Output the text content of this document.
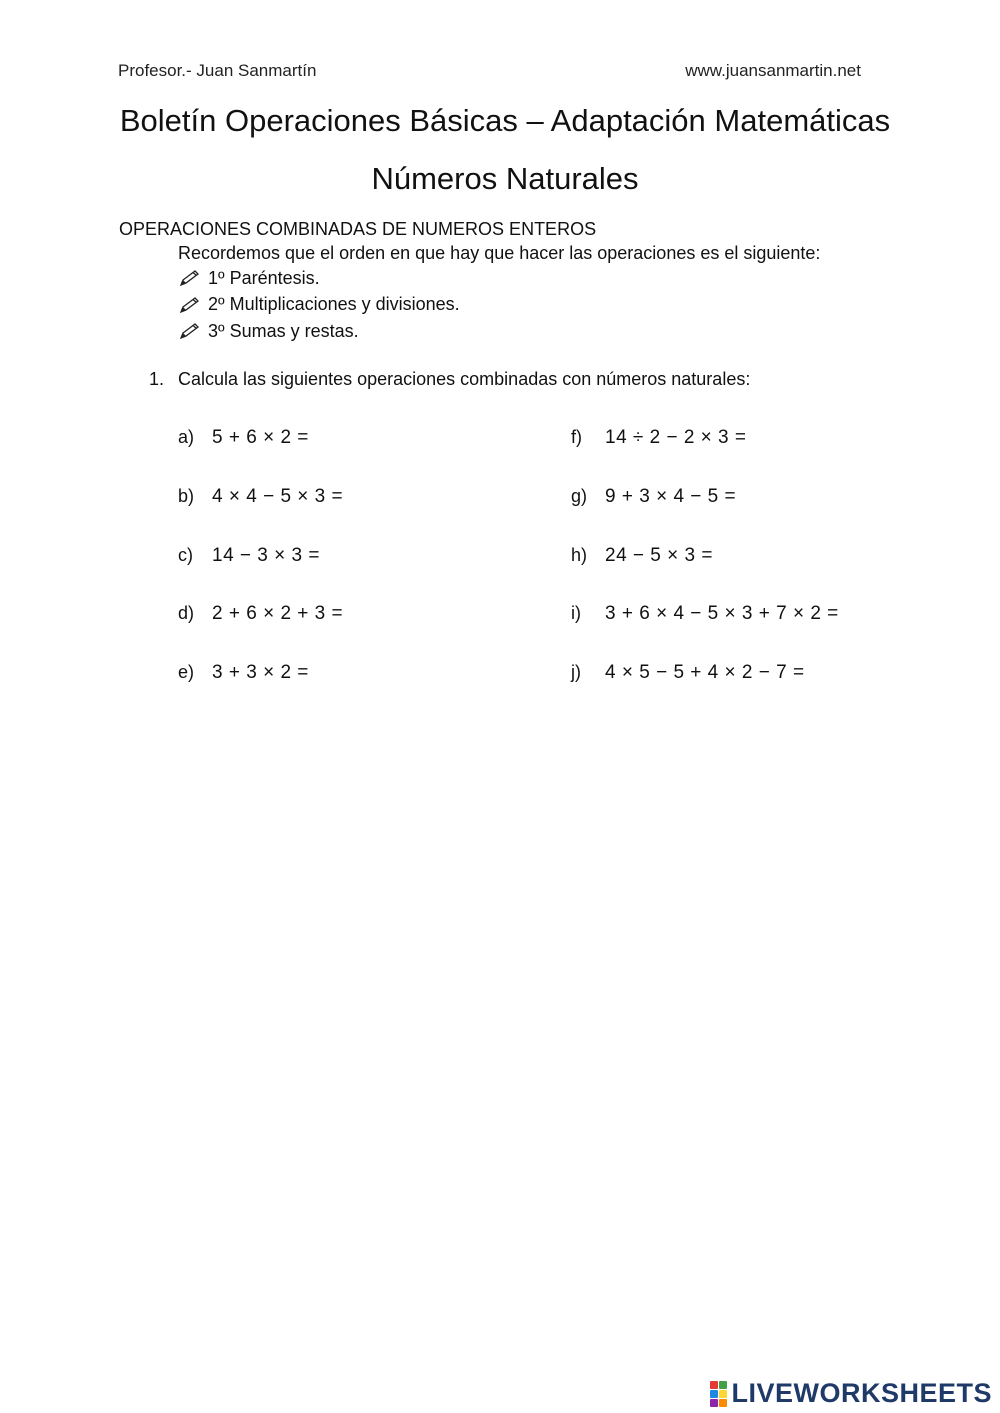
Profesor.- Juan Sanmartín	www.juansanmartin.net
Boletín Operaciones Básicas – Adaptación Matemáticas
Números Naturales
OPERACIONES COMBINADAS DE NUMEROS ENTEROS
Recordemos que el orden en que hay que hacer las operaciones es el siguiente:
1º Paréntesis.
2º Multiplicaciones y divisiones.
3º Sumas y restas.
1. Calcula las siguientes operaciones combinadas con números naturales:
a) 5 + 6 × 2 =
b) 4 × 4 − 5 × 3 =
c)	14 − 3 × 3 =
d) 2 + 6 × 2 + 3 =
e) 3 + 3 × 2 =
f)	14 ÷ 2 − 2 × 3 =
g) 9 + 3 × 4 − 5 =
h) 24 − 5 × 3 =
i)	3 + 6 × 4 − 5 × 3 + 7 × 2 =
j)	4 × 5 − 5 + 4 × 2 − 7 =
LIVEWORKSHEETS
